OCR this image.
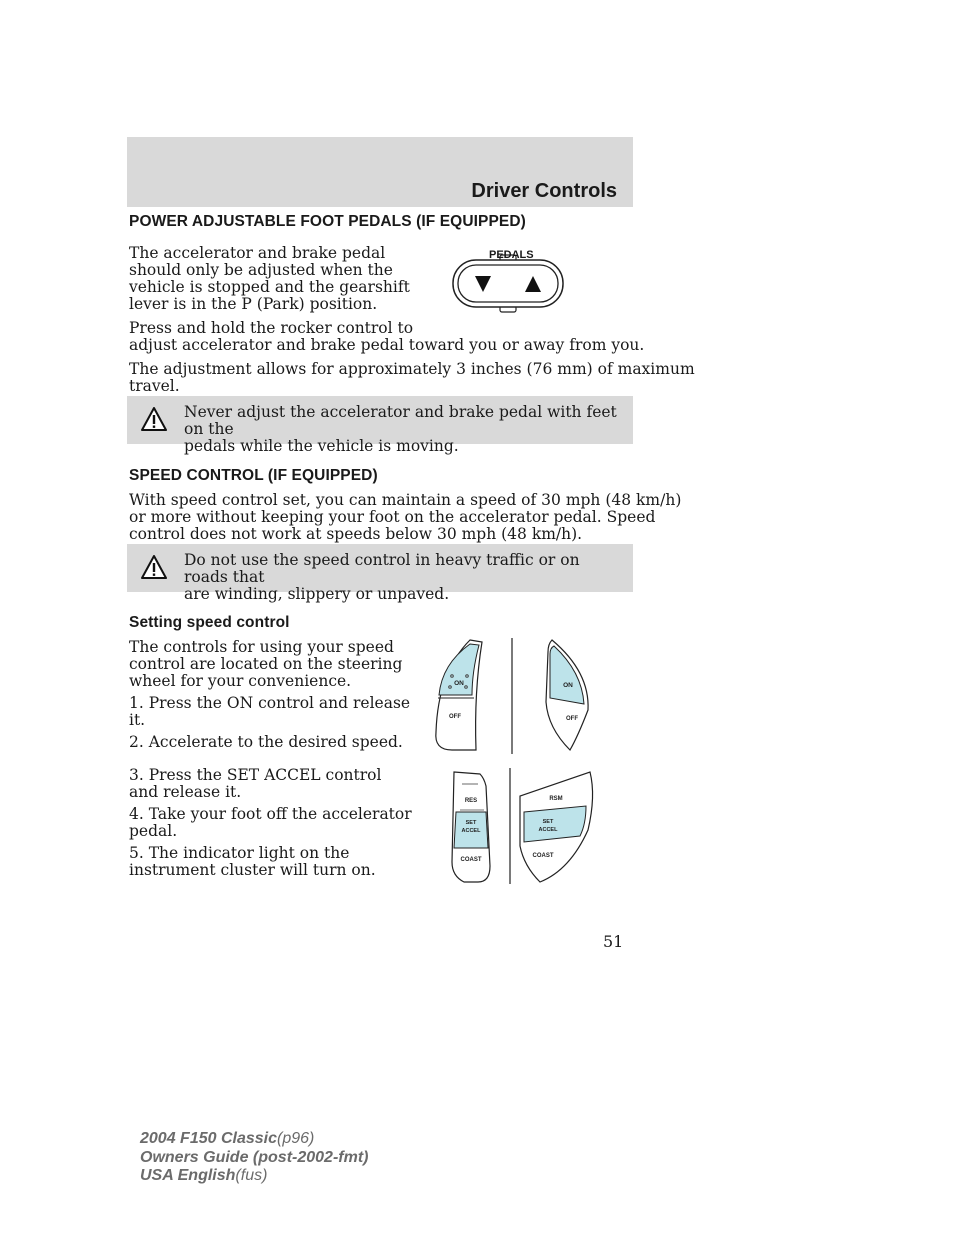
Driver Controls
POWER ADJUSTABLE FOOT PEDALS (IF EQUIPPED)
The accelerator and brake pedal
should only be adjusted when the
vehicle is stopped and the gearshift
lever is in the P (Park) position.
Press and hold the rocker control to
adjust accelerator and brake pedal toward you or away from you.
The adjustment allows for approximately 3 inches (76 mm) of maximum
travel.
PEDALS
Never adjust the accelerator and brake pedal with feet on the
pedals while the vehicle is moving.
SPEED CONTROL (IF EQUIPPED)
With speed control set, you can maintain a speed of 30 mph (48 km/h)
or more without keeping your foot on the accelerator pedal. Speed
control does not work at speeds below 30 mph (48 km/h).
Do not use the speed control in heavy traffic or on roads that
are winding, slippery or unpaved.
Setting speed control
The controls for using your speed
control are located on the steering
wheel for your convenience.
1. Press the ON control and release
it.
2. Accelerate to the desired speed.
3. Press the SET ACCEL control
and release it.
4. Take your foot off the accelerator
pedal.
5. The indicator light on the
instrument cluster will turn on.
ON
OFF
ON
OFF
RES
SET
ACCEL
COAST
RSM
SET
ACCEL
COAST
51
2004 F150 Classic(p96)
Owners Guide (post-2002-fmt)
USA English(fus)
